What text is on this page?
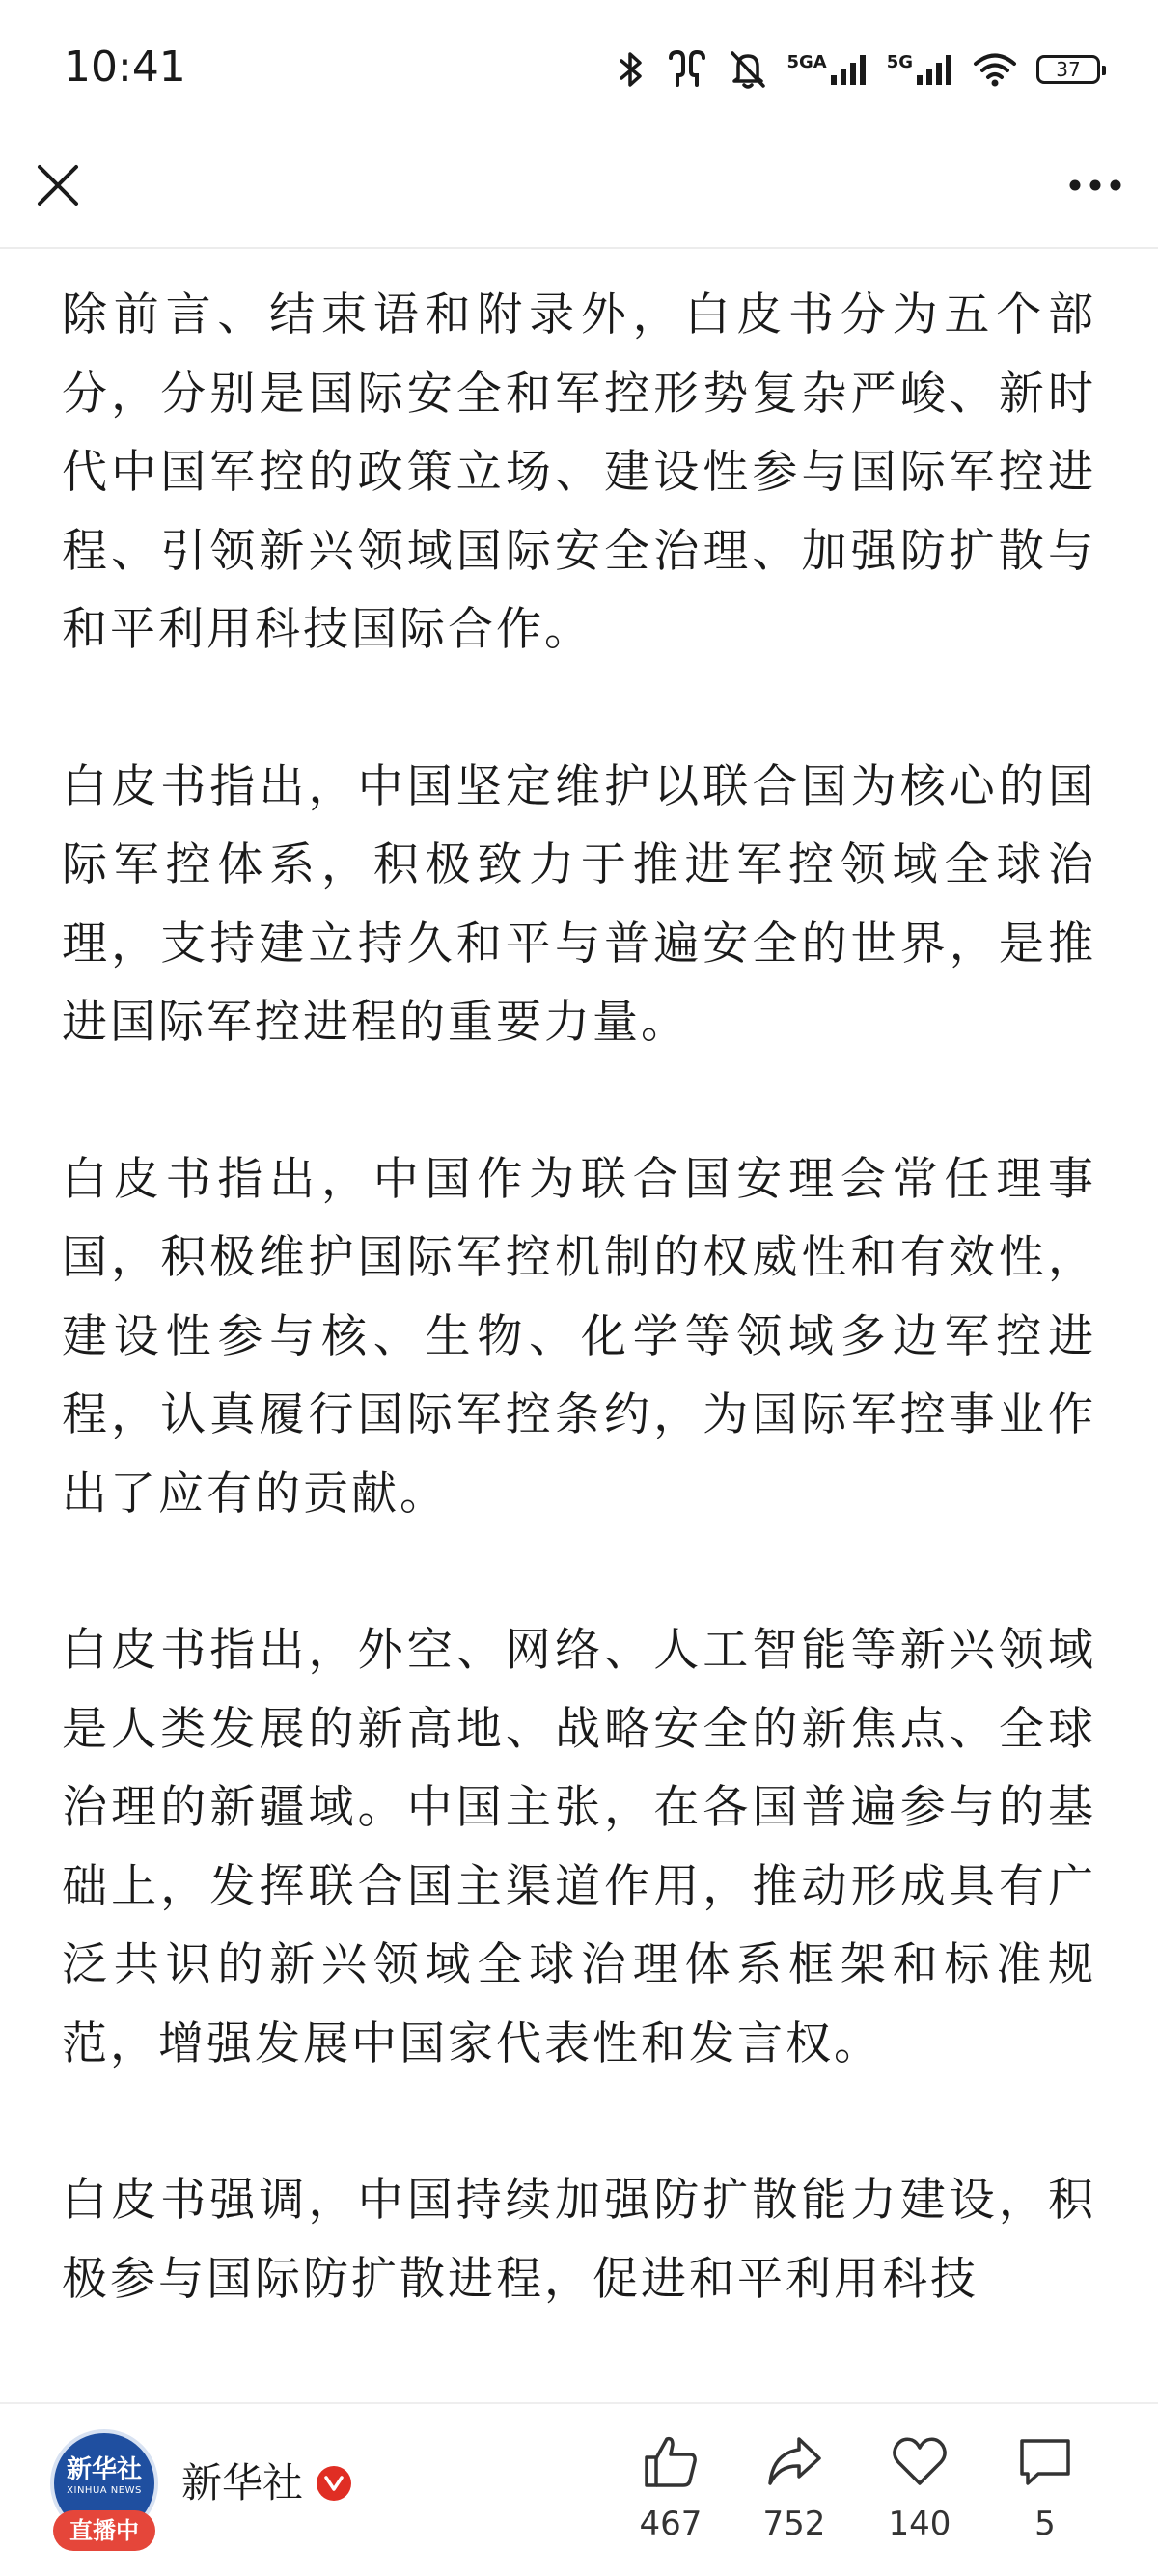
10:41	5GA	5G	37

除前言、结束语和附录外，白皮书分为五个部分，分别是国际安全和军控形势复杂严峻、新时代中国军控的政策立场、建设性参与国际军控进程、引领新兴领域国际安全治理、加强防扩散与和平利用科技国际合作。

白皮书指出，中国坚定维护以联合国为核心的国际军控体系，积极致力于推进军控领域全球治理，支持建立持久和平与普遍安全的世界，是推进国际军控进程的重要力量。

白皮书指出，中国作为联合国安理会常任理事国，积极维护国际军控机制的权威性和有效性，建设性参与核、生物、化学等领域多边军控进程，认真履行国际军控条约，为国际军控事业作出了应有的贡献。

白皮书指出，外空、网络、人工智能等新兴领域是人类发展的新高地、战略安全的新焦点、全球治理的新疆域。中国主张，在各国普遍参与的基础上，发挥联合国主渠道作用，推动形成具有广泛共识的新兴领域全球治理体系框架和标准规范，增强发展中国家代表性和发言权。

白皮书强调，中国持续加强防扩散能力建设，积极参与国际防扩散进程，促进和平利用科技

新华社
XINHUA NEWS
直播中
新华社
467 752 140	5
